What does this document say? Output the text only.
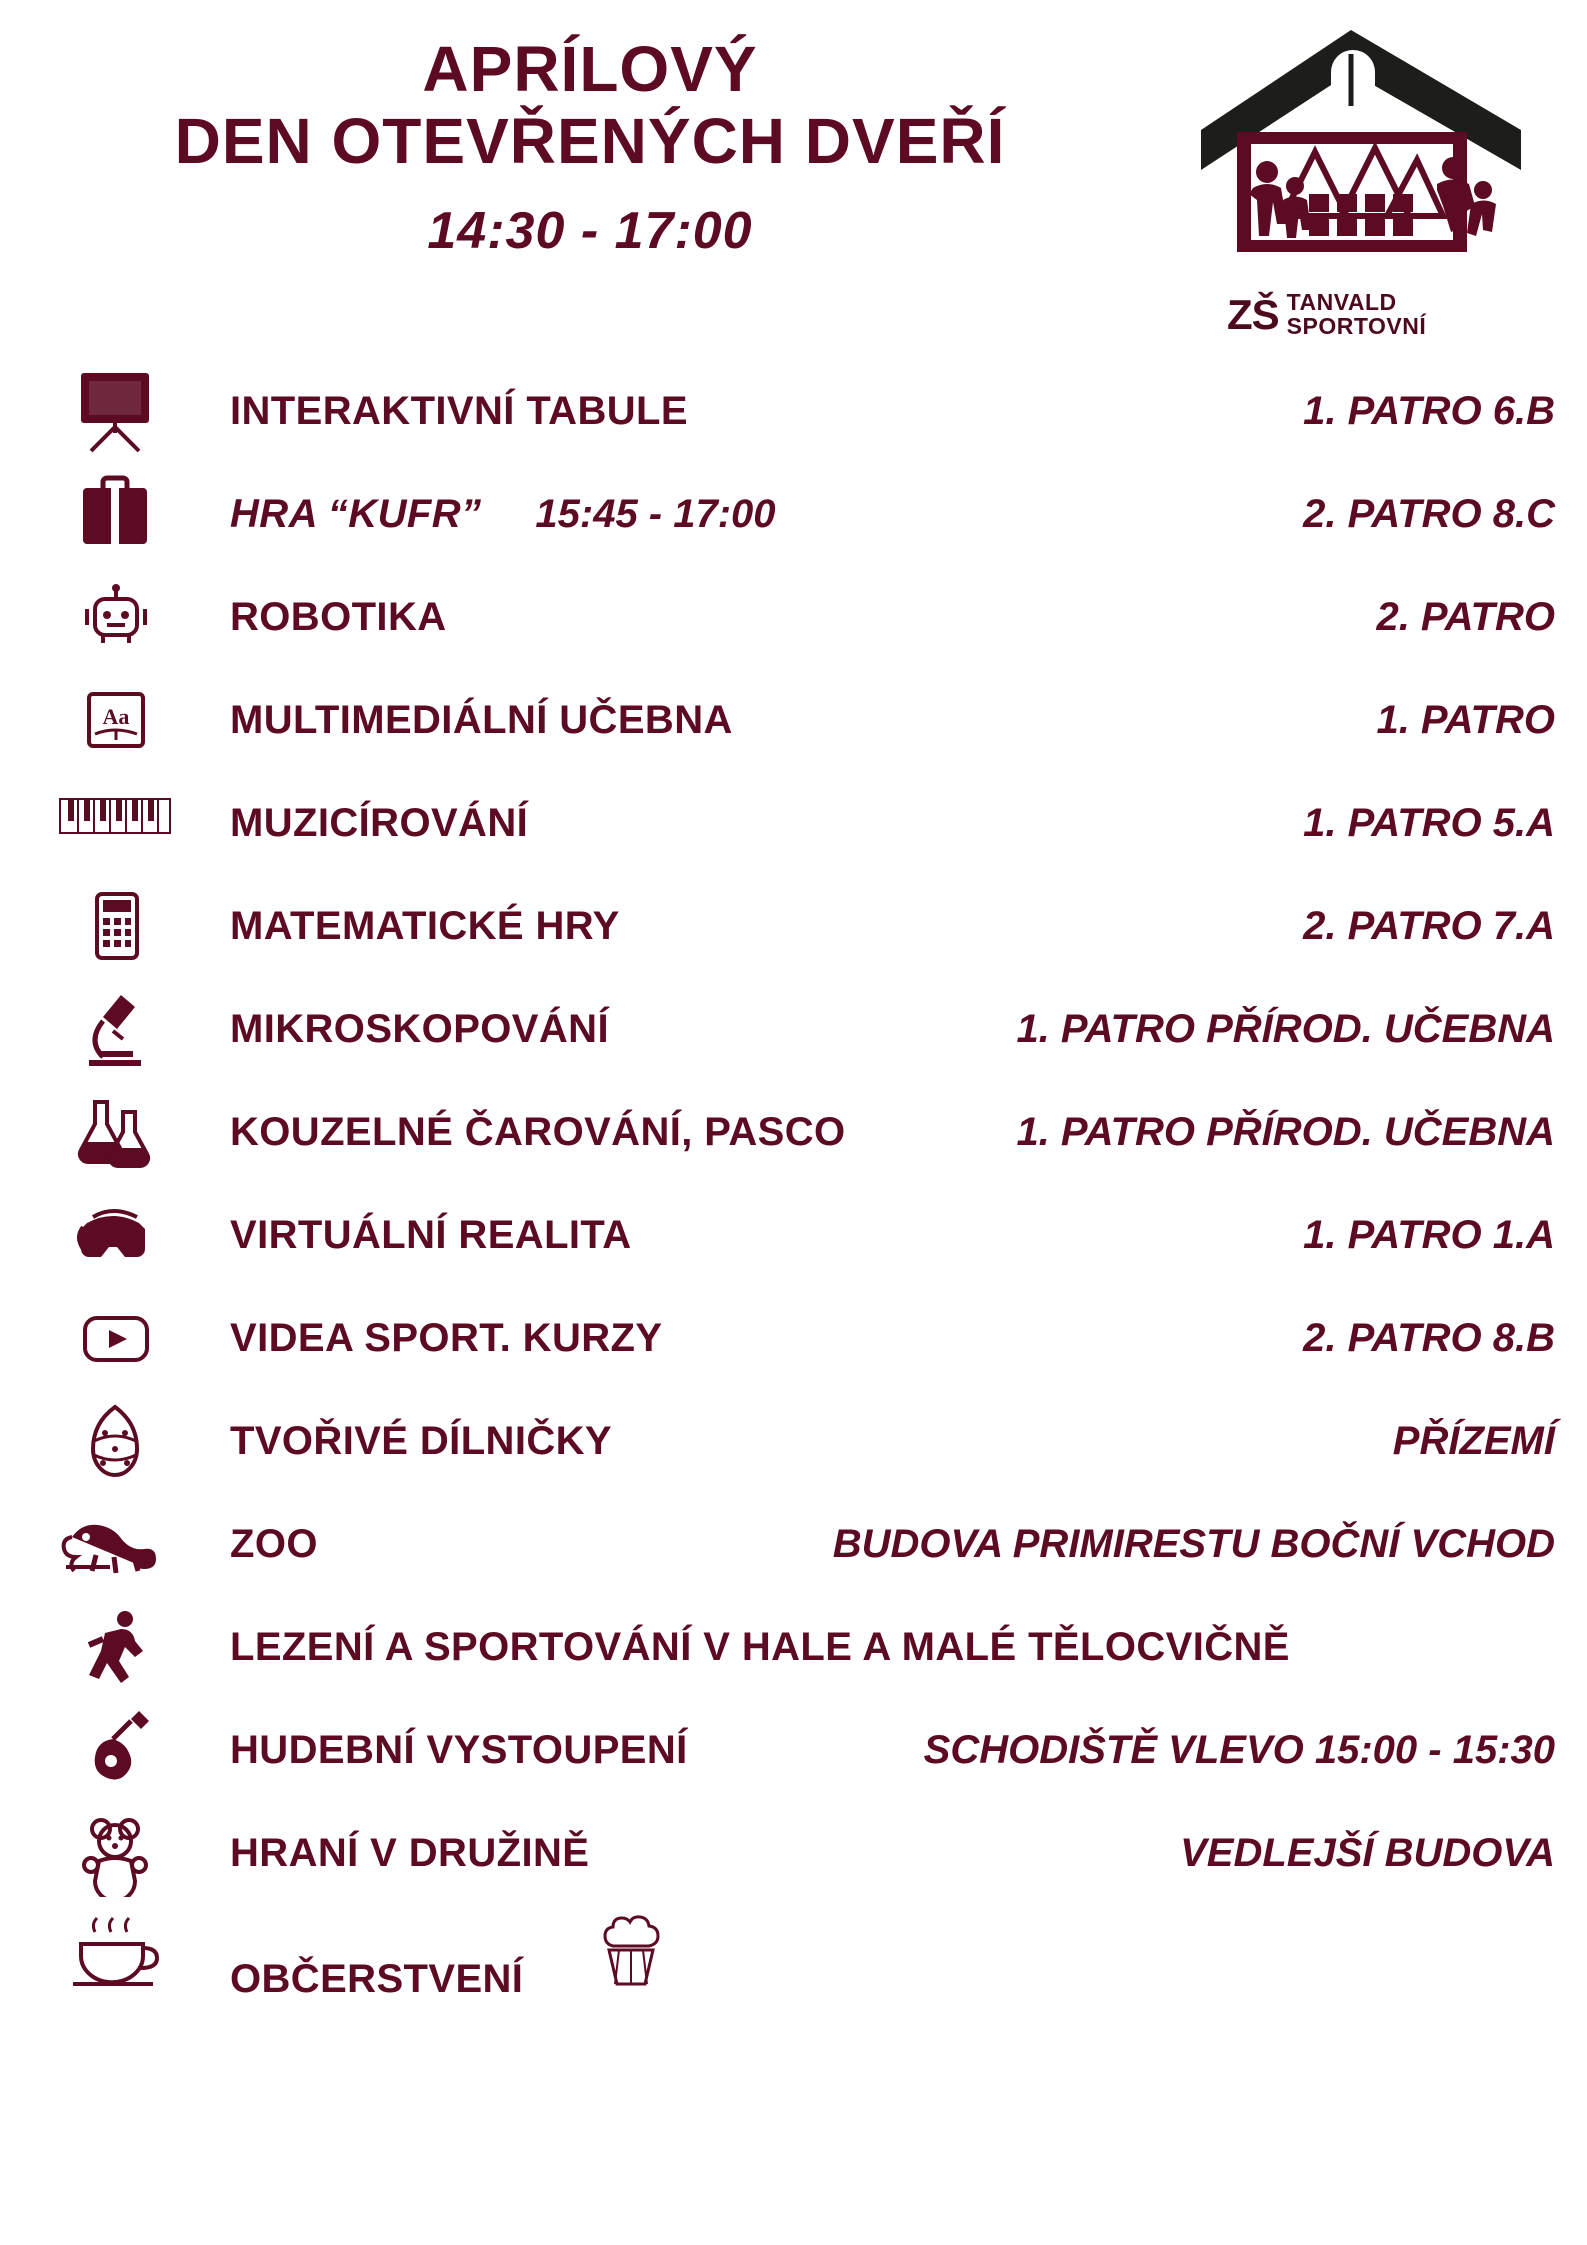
APRÍLOVÝ
DEN OTEVŘENÝCH DVEŘÍ
14:30 - 17:00
ZŠ TANVALD
SPORTOVNÍ
INTERAKTIVNÍ TABULE	1. PATRO 6.B
HRA “KUFR” 15:45 - 17:00	2. PATRO 8.C
ROBOTIKA	2. PATRO
Aa	MULTIMEDIÁLNÍ UČEBNA	1. PATRO
MUZICÍROVÁNÍ	1. PATRO 5.A
MATEMATICKÉ HRY	2. PATRO 7.A
MIKROSKOPOVÁNÍ	1. PATRO PŘÍROD. UČEBNA
KOUZELNÉ ČAROVÁNÍ, PASCO	1. PATRO PŘÍROD. UČEBNA
VIRTUÁLNÍ REALITA	1. PATRO 1.A
VIDEA SPORT. KURZY	2. PATRO 8.B
TVOŘIVÉ DÍLNIČKY	PŘÍZEMÍ
ZOO	BUDOVA PRIMIRESTU BOČNÍ VCHOD
LEZENÍ A SPORTOVÁNÍ V HALE A MALÉ TĚLOCVIČNĚ
HUDEBNÍ VYSTOUPENÍ	SCHODIŠTĚ VLEVO 15:00 - 15:30
HRANÍ V DRUŽINĚ	VEDLEJŠÍ BUDOVA
OBČERSTVENÍ
